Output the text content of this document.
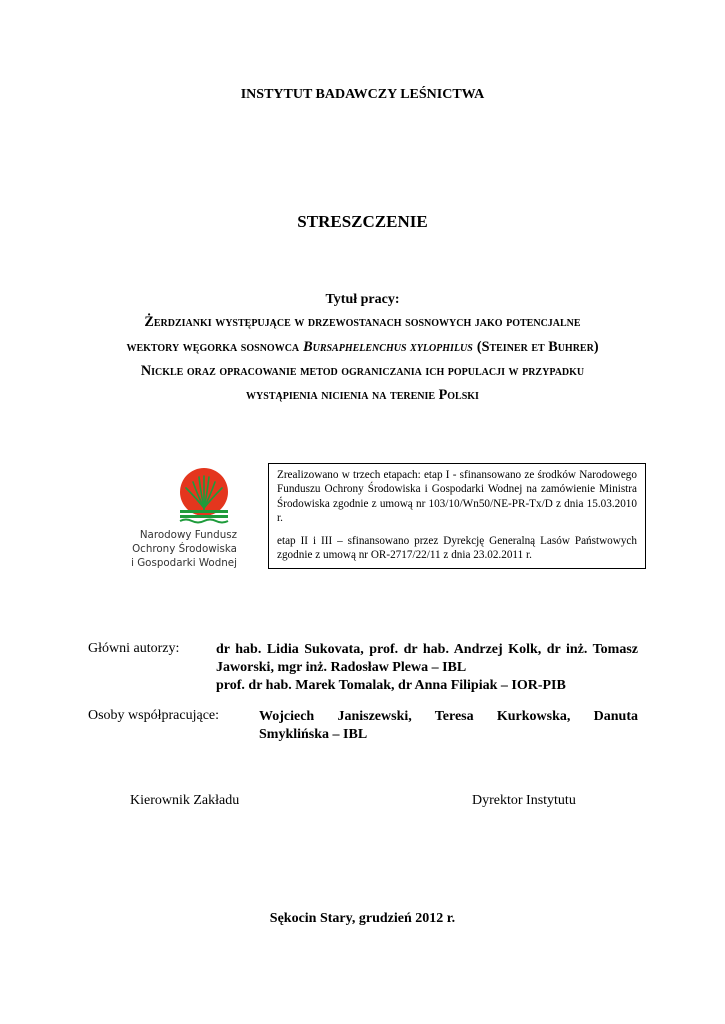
INSTYTUT BADAWCZY LEŚNICTWA
STRESZCZENIE
Tytuł pracy:
Żerdzianki występujące w drzewostanach sosnowych jako potencjalne
wektory węgorka sosnowca Bursaphelenchus xylophilus (Steiner et Buhrer)
Nickle oraz opracowanie metod ograniczania ich populacji w przypadku
wystąpienia nicienia na terenie Polski
Narodowy Fundusz
Ochrony Środowiska
i Gospodarki Wodnej

Zrealizowano w trzech etapach: etap I - sfinansowano ze środków Narodowego Funduszu Ochrony Środowiska i Gospodarki Wodnej na zamówienie Ministra Środowiska zgodnie z umową nr 103/10/Wn50/NE-PR-Tx/D z dnia 15.03.2010 r.

etap II i III – sfinansowano przez Dyrekcję Generalną Lasów Państwowych zgodnie z umową nr OR-2717/22/11 z dnia 23.02.2011 r.

Główni autorzy:	dr hab. Lidia Sukovata, prof. dr hab. Andrzej Kolk, dr inż. Tomasz Jaworski, mgr inż. Radosław Plewa – IBL
prof. dr hab. Marek Tomalak, dr Anna Filipiak – IOR-PIB
Osoby współpracujące:	Wojciech Janiszewski, Teresa Kurkowska, Danuta
Smyklińska – IBL
Kierownik Zakładu	Dyrektor Instytutu
Sękocin Stary, grudzień 2012 r.
